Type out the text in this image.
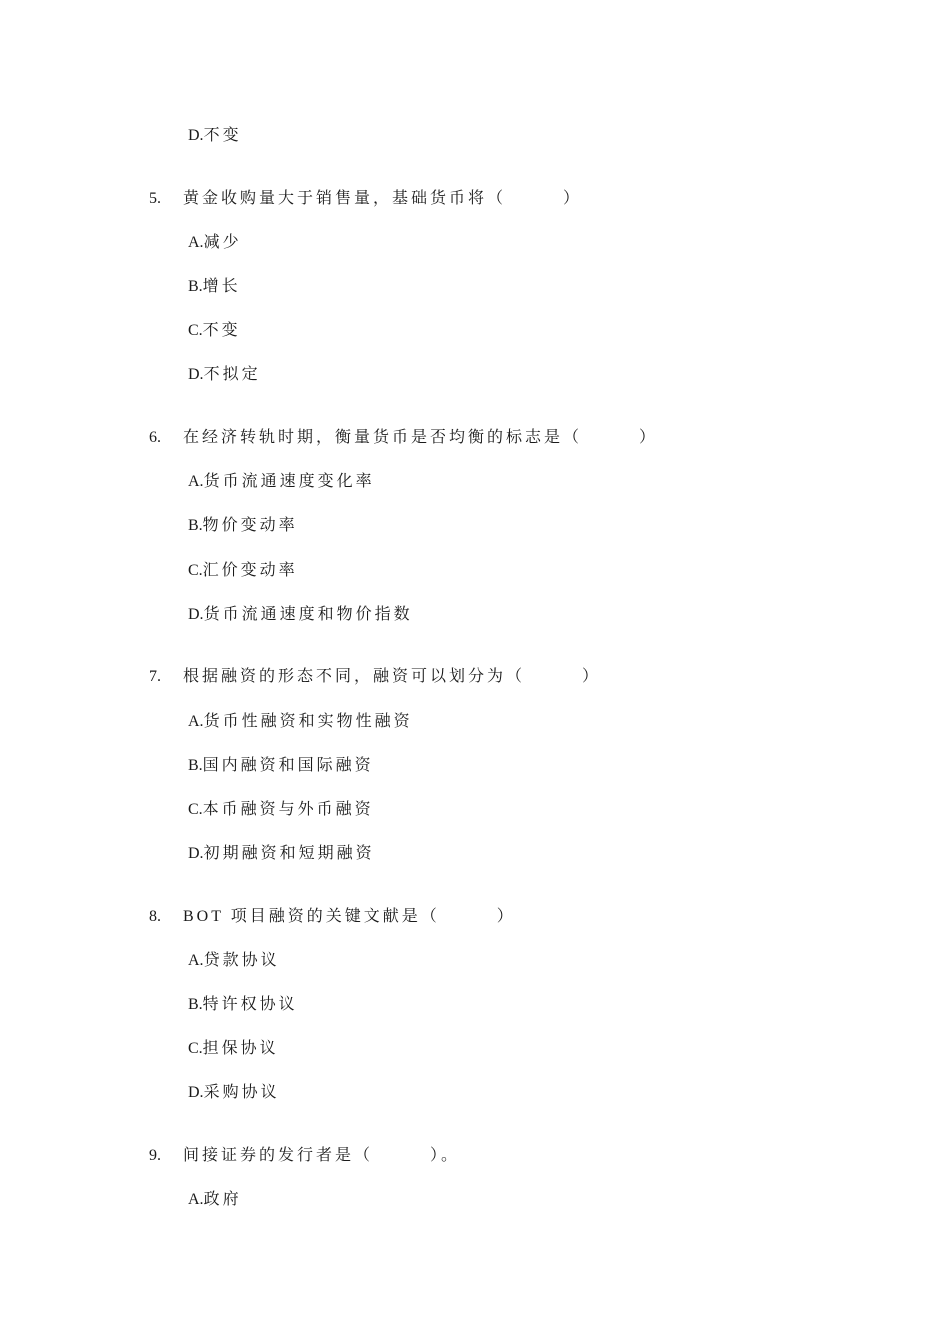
D.不变
5. 黄金收购量大于销售量，基础货币将（　　　）
A.减少
B.增长
C.不变
D.不拟定
6. 在经济转轨时期，衡量货币是否均衡的标志是（　　　）
A.货币流通速度变化率
B.物价变动率
C.汇价变动率
D.货币流通速度和物价指数
7. 根据融资的形态不同，融资可以划分为（　　　）
A.货币性融资和实物性融资
B.国内融资和国际融资
C.本币融资与外币融资
D.初期融资和短期融资
8. BOT 项目融资的关键文献是（　　　）
A.贷款协议
B.特许权协议
C.担保协议
D.采购协议
9. 间接证券的发行者是（　　　）。
A.政府
